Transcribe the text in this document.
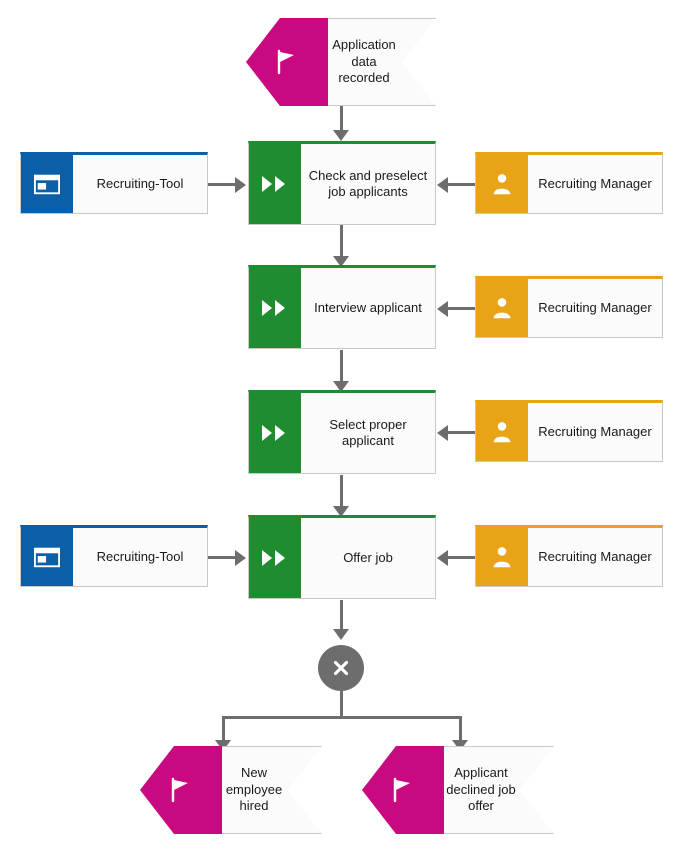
Application data recorded
Check and preselect job applicants
Interview applicant
Select proper applicant
Offer job
Recruiting-Tool
Recruiting-Tool
Recruiting Manager
Recruiting Manager
Recruiting Manager
Recruiting Manager
New employee hired
Applicant declined job offer
